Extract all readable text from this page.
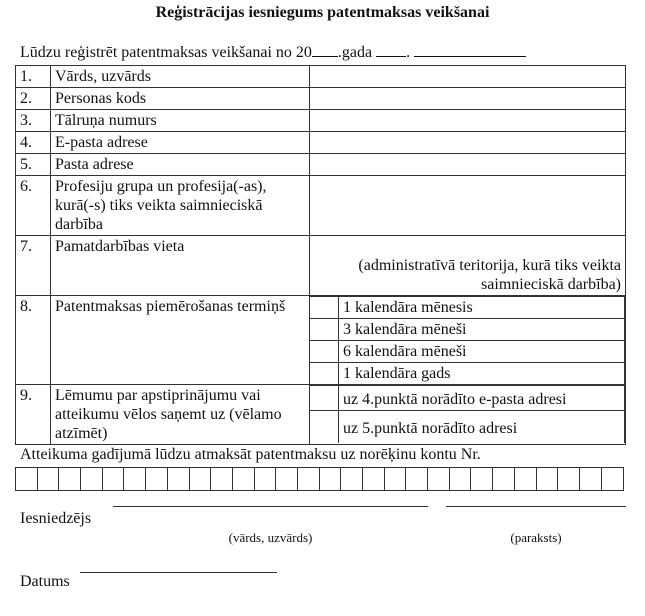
Reģistrācijas iesniegums patentmaksas veikšanai
Lūdzu reģistrēt patentmaksas veikšanai no 20 .gada .
1.	Vārds, uzvārds	
2.	Personas kods	
3.	Tālruņa numurs	
4.	E-pasta adrese	
5.	Pasta adrese	
6.	Profesiju grupa un profesija(-as), kurā(-s) tiks veikta saimnieciskā darbība	
7.	Pamatdarbības vieta	
(administratīvā teritorija, kurā tiks veikta saimnieciskā darbība)
8.	Patentmaksas piemērošanas termiņš	
		1 kalendāra mēnesis
	3 kalendāra mēneši
	6 kalendāra mēneši
	1 kalendāra gads

9.	Lēmumu par apstiprinājumu vai atteikumu vēlos saņemt uz (vēlamo atzīmēt)	
	uz 4.punktā norādīto e-pasta adresi
	uz 5.punktā norādīto adresi
Atteikuma gadījumā lūdzu atmaksāt patentmaksu uz norēķinu kontu Nr.
Iesniedzējs
(vārds, uzvārds)	(paraksts)
Datums
